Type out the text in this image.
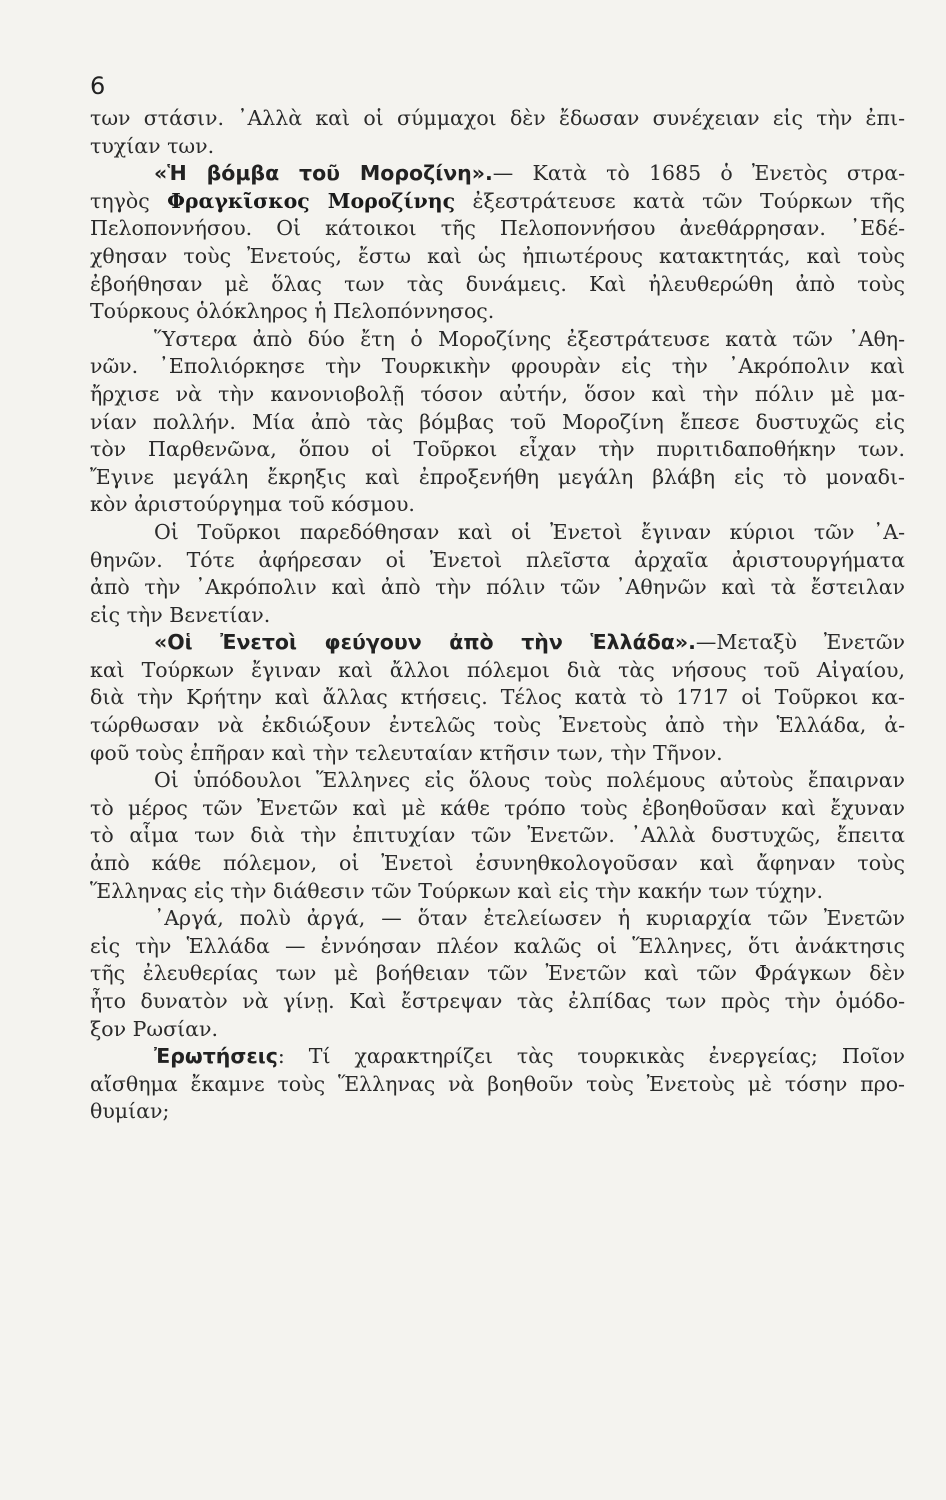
6
των στάσιν. ᾿Αλλὰ καὶ οἱ σύμμαχοι δὲν ἔδωσαν συνέχειαν εἰς τὴν ἐπι-
τυχίαν των.
«Ἡ βόμβα τοῦ Μοροζίνη».— Κατὰ τὸ 1685 ὁ Ἐνετὸς στρα-
τηγὸς Φραγκῖσκος Μοροζίνης ἐξεστράτευσε κατὰ τῶν Τούρκων τῆς
Πελοποννήσου. Οἱ κάτοικοι τῆς Πελοποννήσου ἀνεθάρρησαν. ᾿Εδέ-
χθησαν τοὺς Ἐνετούς, ἔστω καὶ ὡς ἠπιωτέρους κατακτητάς, καὶ τοὺς
ἐβοήθησαν μὲ ὅλας των τὰς δυνάμεις. Καὶ ἠλευθερώθη ἀπὸ τοὺς
Τούρκους ὁλόκληρος ἡ Πελοπόννησος.
Ὕστερα ἀπὸ δύο ἔτη ὁ Μοροζίνης ἐξεστράτευσε κατὰ τῶν ᾿Αθη-
νῶν. ᾿Επολιόρκησε τὴν Τουρκικὴν φρουρὰν εἰς τὴν ᾿Ακρόπολιν καὶ
ἤρχισε νὰ τὴν κανονιοβολῇ τόσον αὐτήν, ὅσον καὶ τὴν πόλιν μὲ μα-
νίαν πολλήν. Μία ἀπὸ τὰς βόμβας τοῦ Μοροζίνη ἔπεσε δυστυχῶς εἰς
τὸν Παρθενῶνα, ὅπου οἱ Τοῦρκοι εἶχαν τὴν πυριτιδαποθήκην των.
Ἔγινε μεγάλη ἔκρηξις καὶ ἐπροξενήθη μεγάλη βλάβη εἰς τὸ μοναδι-
κὸν ἀριστούργημα τοῦ κόσμου.
Οἱ Τοῦρκοι παρεδόθησαν καὶ οἱ Ἐνετοὶ ἔγιναν κύριοι τῶν ᾿Α-
θηνῶν. Τότε ἀφήρεσαν οἱ Ἐνετοὶ πλεῖστα ἀρχαῖα ἀριστουργήματα
ἀπὸ τὴν ᾿Ακρόπολιν καὶ ἀπὸ τὴν πόλιν τῶν ᾿Αθηνῶν καὶ τὰ ἔστειλαν
εἰς τὴν Βενετίαν.
«Οἱ Ἐνετοὶ φεύγουν ἀπὸ τὴν Ἑλλάδα».—Μεταξὺ Ἐνετῶν
καὶ Τούρκων ἔγιναν καὶ ἄλλοι πόλεμοι διὰ τὰς νήσους τοῦ Αἰγαίου,
διὰ τὴν Κρήτην καὶ ἄλλας κτήσεις. Τέλος κατὰ τὸ 1717 οἱ Τοῦρκοι κα-
τώρθωσαν νὰ ἐκδιώξουν ἐντελῶς τοὺς Ἐνετοὺς ἀπὸ τὴν Ἑλλάδα, ἀ-
φοῦ τοὺς ἐπῆραν καὶ τὴν τελευταίαν κτῆσιν των, τὴν Τῆνον.
Οἱ ὑπόδουλοι Ἕλληνες εἰς ὅλους τοὺς πολέμους αὐτοὺς ἔπαιρναν
τὸ μέρος τῶν Ἐνετῶν καὶ μὲ κάθε τρόπο τοὺς ἐβοηθοῦσαν καὶ ἔχυναν
τὸ αἷμα των διὰ τὴν ἐπιτυχίαν τῶν Ἐνετῶν. ᾿Αλλὰ δυστυχῶς, ἔπειτα
ἀπὸ κάθε πόλεμον, οἱ Ἐνετοὶ ἐσυνηθκολογοῦσαν καὶ ἄφηναν τοὺς
Ἕλληνας εἰς τὴν διάθεσιν τῶν Τούρκων καὶ εἰς τὴν κακήν των τύχην.
᾿Αργά, πολὺ ἀργά, — ὅταν ἐτελείωσεν ἡ κυριαρχία τῶν Ἐνετῶν
εἰς τὴν Ἑλλάδα — ἐννόησαν πλέον καλῶς οἱ Ἕλληνες, ὅτι ἀνάκτησις
τῆς ἐλευθερίας των μὲ βοήθειαν τῶν Ἐνετῶν καὶ τῶν Φράγκων δὲν
ἦτο δυνατὸν νὰ γίνῃ. Καὶ ἔστρεψαν τὰς ἐλπίδας των πρὸς τὴν ὁμόδο-
ξον Ρωσίαν.
Ἐρωτήσεις: Τί χαρακτηρίζει τὰς τουρκικὰς ἐνεργείας; Ποῖον
αἴσθημα ἔκαμνε τοὺς Ἕλληνας νὰ βοηθοῦν τοὺς Ἐνετοὺς μὲ τόσην προ-
θυμίαν;
